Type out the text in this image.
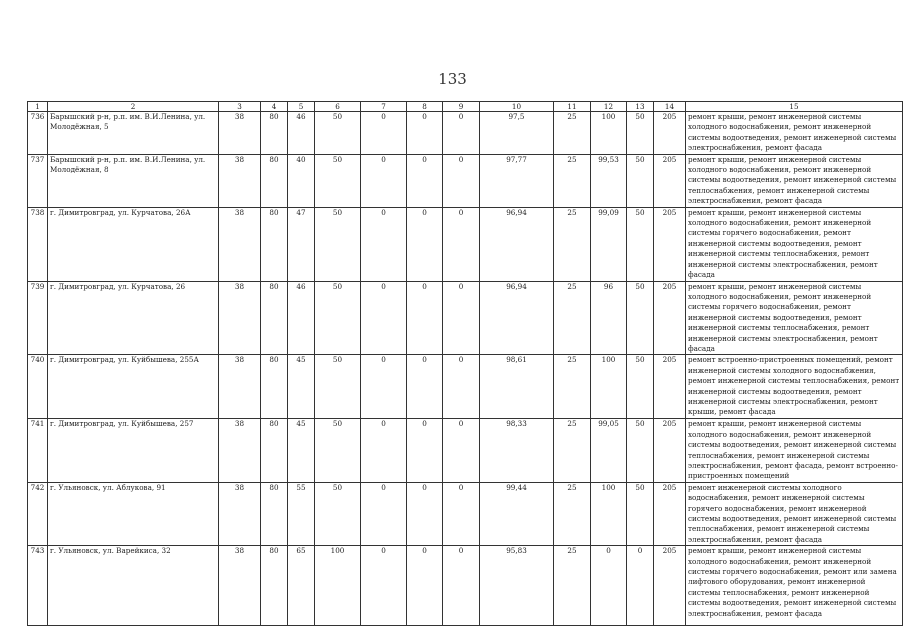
133
1	2	3	4	5	6	7	8	9	10	11	12	13	14	15
736	Барышский р-н, р.п. им. В.И.Ленина, ул. Молодёжная, 5	38	80	46	50	0	0	0	97,5	25	100	50	205	ремонт крыши, ремонт инженерной системы холодного водоснабжения, ремонт инженерной системы водоотведения, ремонт инженерной системы электроснабжения, ремонт фасада
737	Барышский р-н, р.п. им. В.И.Ленина, ул. Молодёжная, 8	38	80	40	50	0	0	0	97,77	25	99,53	50	205	ремонт крыши, ремонт инженерной системы холодного водоснабжения, ремонт инженерной системы водоотведения, ремонт инженерной системы теплоснабжения, ремонт инженерной системы электроснабжения, ремонт фасада
738	г. Димитровград, ул. Курчатова, 26А	38	80	47	50	0	0	0	96,94	25	99,09	50	205	ремонт крыши, ремонт инженерной системы холодного водоснабжения, ремонт инженерной системы горячего водоснабжения, ремонт инженерной системы водоотведения, ремонт инженерной системы теплоснабжения, ремонт инженерной системы электроснабжения, ремонт фасада
739	г. Димитровград, ул. Курчатова, 26	38	80	46	50	0	0	0	96,94	25	96	50	205	ремонт крыши, ремонт инженерной системы холодного водоснабжения, ремонт инженерной системы горячего водоснабжения, ремонт инженерной системы водоотведения, ремонт инженерной системы теплоснабжения, ремонт инженерной системы электроснабжения, ремонт фасада
740	г. Димитровград, ул. Куйбышева, 255А	38	80	45	50	0	0	0	98,61	25	100	50	205	ремонт встроенно-пристроенных помещений, ремонт инженерной системы холодного водоснабжения, ремонт инженерной системы теплоснабжения, ремонт инженерной системы водоотведения, ремонт инженерной системы электроснабжения, ремонт крыши, ремонт фасада
741	г. Димитровград, ул. Куйбышева, 257	38	80	45	50	0	0	0	98,33	25	99,05	50	205	ремонт крыши, ремонт инженерной системы холодного водоснабжения, ремонт инженерной системы водоотведения, ремонт инженерной системы теплоснабжения, ремонт инженерной системы электроснабжения, ремонт фасада, ремонт встроенно-пристроенных помещений
742	г. Ульяновск, ул. Аблукова, 91	38	80	55	50	0	0	0	99,44	25	100	50	205	ремонт инженерной системы холодного водоснабжения, ремонт инженерной системы горячего водоснабжения, ремонт инженерной системы водоотведения, ремонт инженерной системы теплоснабжения, ремонт инженерной системы электроснабжения, ремонт фасада
743	г. Ульяновск, ул. Варейкиса, 32	38	80	65	100	0	0	0	95,83	25	0	0	205	ремонт крыши, ремонт инженерной системы холодного водоснабжения, ремонт инженерной системы горячего водоснабжения, ремонт или замена лифтового оборудования, ремонт инженерной системы теплоснабжения, ремонт инженерной системы водоотведения, ремонт инженерной системы электроснабжения, ремонт фасада
